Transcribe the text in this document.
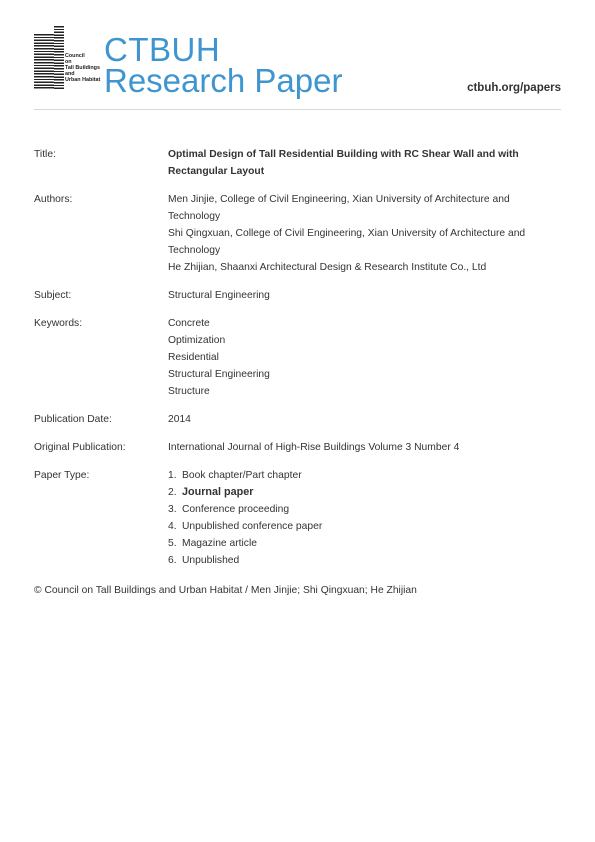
Council
on
Tall Buildings
and
Urban Habitat
CTBUH
Research Paper	ctbuh.org/papers
Title:	Optimal Design of Tall Residential Building with RC Shear Wall and with Rectangular Layout
Authors:	Men Jinjie, College of Civil Engineering, Xian University of Architecture and
Technology
Shi Qingxuan, College of Civil Engineering, Xian University of Architecture and
Technology
He Zhijian, Shaanxi Architectural Design & Research Institute Co., Ltd
Subject:	Structural Engineering
Keywords:	Concrete
Optimization
Residential
Structural Engineering
Structure
Publication Date:	2014
Original Publication:	International Journal of High-Rise Buildings Volume 3 Number 4
Paper Type:	1. Book chapter/Part chapter
2. Journal paper
3. Conference proceeding
4. Unpublished conference paper
5. Magazine article
6. Unpublished
© Council on Tall Buildings and Urban Habitat / Men Jinjie; Shi Qingxuan; He Zhijian
